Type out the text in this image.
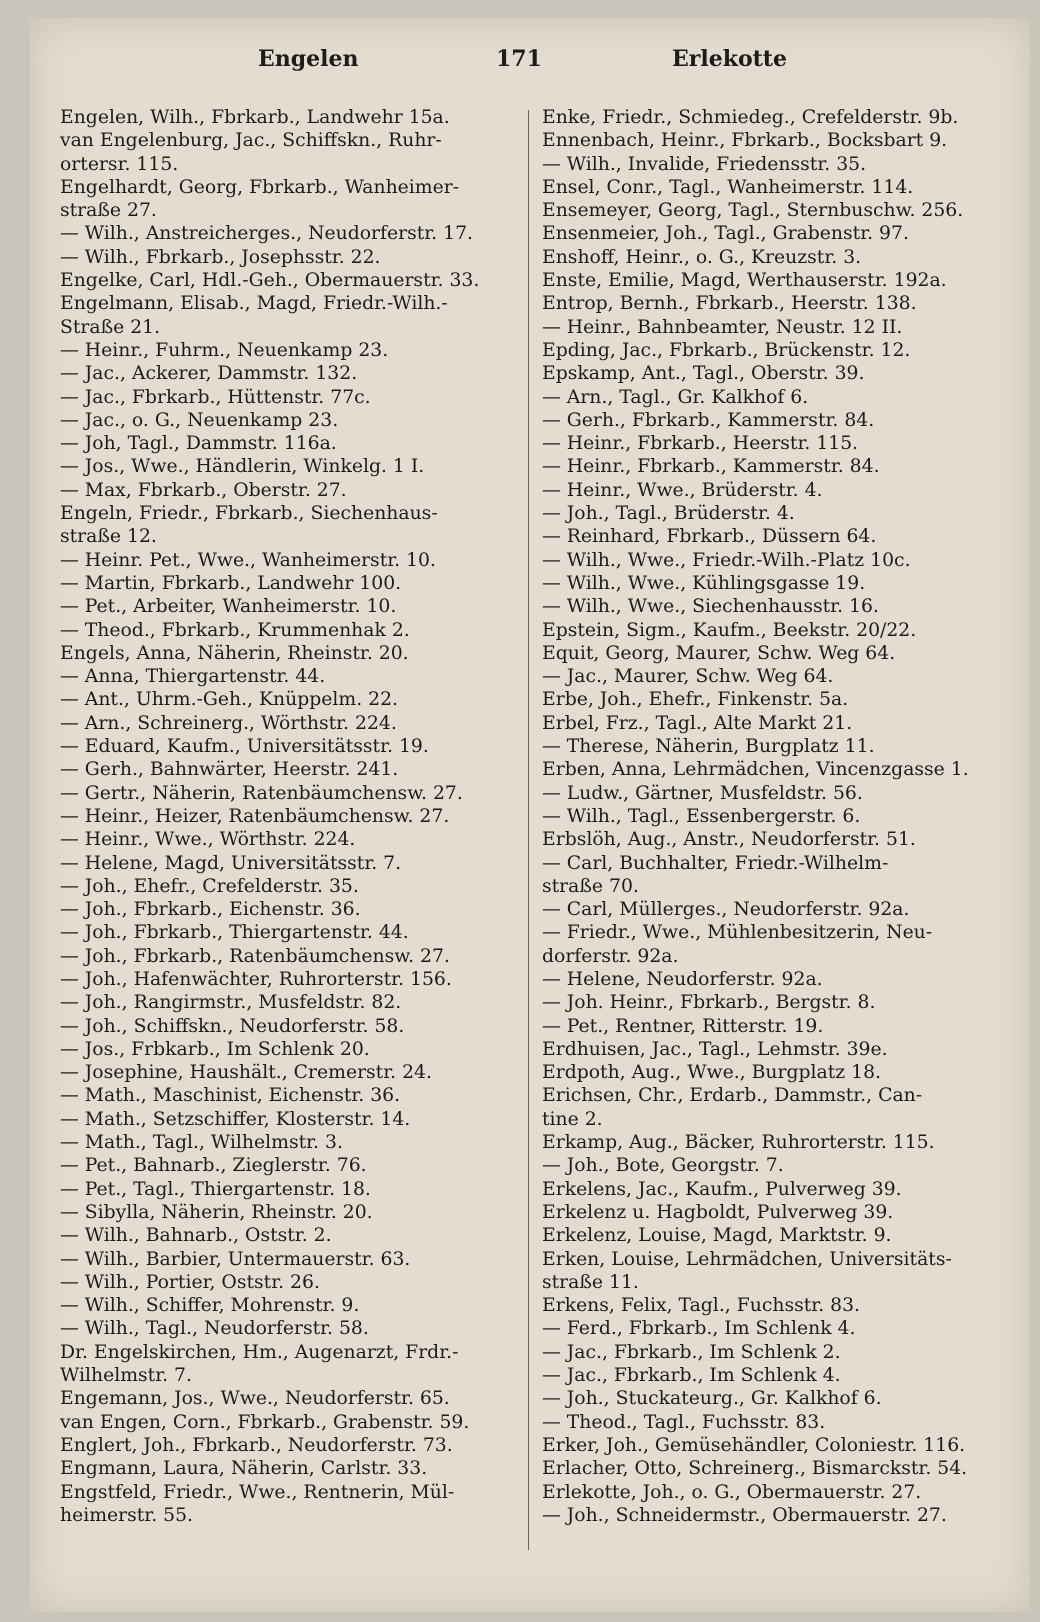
Engelen	171	Erlekotte
Engelen, Wilh., Fbrkarb., Landwehr 15a.
van Engelenburg, Jac., Schiffskn., Ruhr-
ortersr. 115.
Engelhardt, Georg, Fbrkarb., Wanheimer-
straße 27.
— Wilh., Anstreicherges., Neudorferstr. 17.
— Wilh., Fbrkarb., Josephsstr. 22.
Engelke, Carl, Hdl.-Geh., Obermauerstr. 33.
Engelmann, Elisab., Magd, Friedr.-Wilh.-
Straße 21.
— Heinr., Fuhrm., Neuenkamp 23.
— Jac., Ackerer, Dammstr. 132.
— Jac., Fbrkarb., Hüttenstr. 77c.
— Jac., o. G., Neuenkamp 23.
— Joh, Tagl., Dammstr. 116a.
— Jos., Wwe., Händlerin, Winkelg. 1 I.
— Max, Fbrkarb., Oberstr. 27.
Engeln, Friedr., Fbrkarb., Siechenhaus-
straße 12.
— Heinr. Pet., Wwe., Wanheimerstr. 10.
— Martin, Fbrkarb., Landwehr 100.
— Pet., Arbeiter, Wanheimerstr. 10.
— Theod., Fbrkarb., Krummenhak 2.
Engels, Anna, Näherin, Rheinstr. 20.
— Anna, Thiergartenstr. 44.
— Ant., Uhrm.-Geh., Knüppelm. 22.
— Arn., Schreinerg., Wörthstr. 224.
— Eduard, Kaufm., Universitätsstr. 19.
— Gerh., Bahnwärter, Heerstr. 241.
— Gertr., Näherin, Ratenbäumchensw. 27.
— Heinr., Heizer, Ratenbäumchensw. 27.
— Heinr., Wwe., Wörthstr. 224.
— Helene, Magd, Universitätsstr. 7.
— Joh., Ehefr., Crefelderstr. 35.
— Joh., Fbrkarb., Eichenstr. 36.
— Joh., Fbrkarb., Thiergartenstr. 44.
— Joh., Fbrkarb., Ratenbäumchensw. 27.
— Joh., Hafenwächter, Ruhrorterstr. 156.
— Joh., Rangirmstr., Musfeldstr. 82.
— Joh., Schiffskn., Neudorferstr. 58.
— Jos., Frbkarb., Im Schlenk 20.
— Josephine, Haushält., Cremerstr. 24.
— Math., Maschinist, Eichenstr. 36.
— Math., Setzschiffer, Klosterstr. 14.
— Math., Tagl., Wilhelmstr. 3.
— Pet., Bahnarb., Zieglerstr. 76.
— Pet., Tagl., Thiergartenstr. 18.
— Sibylla, Näherin, Rheinstr. 20.
— Wilh., Bahnarb., Oststr. 2.
— Wilh., Barbier, Untermauerstr. 63.
— Wilh., Portier, Oststr. 26.
— Wilh., Schiffer, Mohrenstr. 9.
— Wilh., Tagl., Neudorferstr. 58.
Dr. Engelskirchen, Hm., Augenarzt, Frdr.-
Wilhelmstr. 7.
Engemann, Jos., Wwe., Neudorferstr. 65.
van Engen, Corn., Fbrkarb., Grabenstr. 59.
Englert, Joh., Fbrkarb., Neudorferstr. 73.
Engmann, Laura, Näherin, Carlstr. 33.
Engstfeld, Friedr., Wwe., Rentnerin, Mül-
heimerstr. 55.
Enke, Friedr., Schmiedeg., Crefelderstr. 9b.
Ennenbach, Heinr., Fbrkarb., Bocksbart 9.
— Wilh., Invalide, Friedensstr. 35.
Ensel, Conr., Tagl., Wanheimerstr. 114.
Ensemeyer, Georg, Tagl., Sternbuschw. 256.
Ensenmeier, Joh., Tagl., Grabenstr. 97.
Enshoff, Heinr., o. G., Kreuzstr. 3.
Enste, Emilie, Magd, Werthauserstr. 192a.
Entrop, Bernh., Fbrkarb., Heerstr. 138.
— Heinr., Bahnbeamter, Neustr. 12 II.
Epding, Jac., Fbrkarb., Brückenstr. 12.
Epskamp, Ant., Tagl., Oberstr. 39.
— Arn., Tagl., Gr. Kalkhof 6.
— Gerh., Fbrkarb., Kammerstr. 84.
— Heinr., Fbrkarb., Heerstr. 115.
— Heinr., Fbrkarb., Kammerstr. 84.
— Heinr., Wwe., Brüderstr. 4.
— Joh., Tagl., Brüderstr. 4.
— Reinhard, Fbrkarb., Düssern 64.
— Wilh., Wwe., Friedr.-Wilh.-Platz 10c.
— Wilh., Wwe., Kühlingsgasse 19.
— Wilh., Wwe., Siechenhausstr. 16.
Epstein, Sigm., Kaufm., Beekstr. 20/22.
Equit, Georg, Maurer, Schw. Weg 64.
— Jac., Maurer, Schw. Weg 64.
Erbe, Joh., Ehefr., Finkenstr. 5a.
Erbel, Frz., Tagl., Alte Markt 21.
— Therese, Näherin, Burgplatz 11.
Erben, Anna, Lehrmädchen, Vincenzgasse 1.
— Ludw., Gärtner, Musfeldstr. 56.
— Wilh., Tagl., Essenbergerstr. 6.
Erbslöh, Aug., Anstr., Neudorferstr. 51.
— Carl, Buchhalter, Friedr.-Wilhelm-
straße 70.
— Carl, Müllerges., Neudorferstr. 92a.
— Friedr., Wwe., Mühlenbesitzerin, Neu-
dorferstr. 92a.
— Helene, Neudorferstr. 92a.
— Joh. Heinr., Fbrkarb., Bergstr. 8.
— Pet., Rentner, Ritterstr. 19.
Erdhuisen, Jac., Tagl., Lehmstr. 39e.
Erdpoth, Aug., Wwe., Burgplatz 18.
Erichsen, Chr., Erdarb., Dammstr., Can-
tine 2.
Erkamp, Aug., Bäcker, Ruhrorterstr. 115.
— Joh., Bote, Georgstr. 7.
Erkelens, Jac., Kaufm., Pulverweg 39.
Erkelenz u. Hagboldt, Pulverweg 39.
Erkelenz, Louise, Magd, Marktstr. 9.
Erken, Louise, Lehrmädchen, Universitäts-
straße 11.
Erkens, Felix, Tagl., Fuchsstr. 83.
— Ferd., Fbrkarb., Im Schlenk 4.
— Jac., Fbrkarb., Im Schlenk 2.
— Jac., Fbrkarb., Im Schlenk 4.
— Joh., Stuckateurg., Gr. Kalkhof 6.
— Theod., Tagl., Fuchsstr. 83.
Erker, Joh., Gemüsehändler, Coloniestr. 116.
Erlacher, Otto, Schreinerg., Bismarckstr. 54.
Erlekotte, Joh., o. G., Obermauerstr. 27.
— Joh., Schneidermstr., Obermauerstr. 27.
